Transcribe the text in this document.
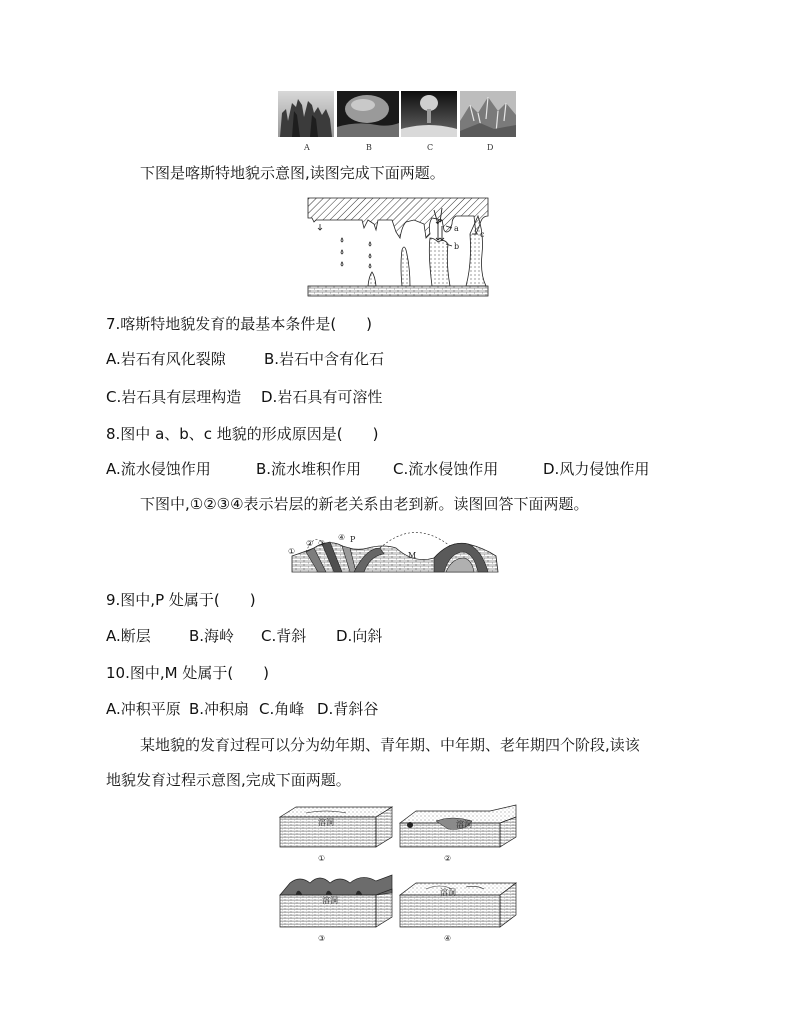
A	B	C	D
下图是喀斯特地貌示意图,读图完成下面两题。
a
b
c
7.喀斯特地貌发育的最基本条件是(　　)
A.岩石有风化裂隙	B.岩石中含有化石
C.岩石具有层理构造 D.岩石具有可溶性
8.图中 a、b、c 地貌的形成原因是(　　)
A.流水侵蚀作用	B.流水堆积作用 C.流水侵蚀作用	D.风力侵蚀作用
下图中,①②③④表示岩层的新老关系由老到新。读图回答下面两题。
①
② ③
④ P
M
9.图中,P 处属于(　　)
A.断层	B.海岭 C.背斜 D.向斜
10.图中,M 处属于(　　)
A.冲积平原 B.冲积扇 C.角峰 D.背斜谷
某地貌的发育过程可以分为幼年期、青年期、中年期、老年期四个阶段,读该
地貌发育过程示意图,完成下面两题。
溶洞
①
溶洞
②
溶洞
③
溶洞
④
